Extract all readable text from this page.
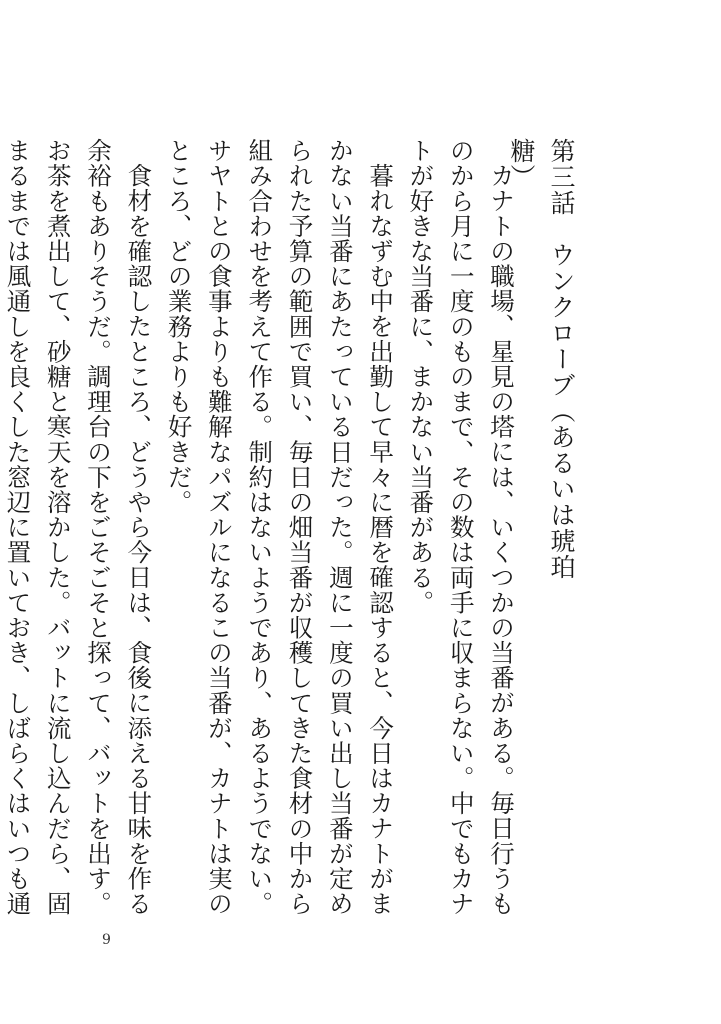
第三話　ウンクローブ（あるいは琥珀糖）

カナトの職場、星見の塔には、いくつかの当番がある。毎日行うものから月に一度のものまで、その数は両手に収まらない。中でもカナトが好きな当番に、まかない当番がある。

暮れなずむ中を出勤して早々に暦を確認すると、今日はカナトがまかない当番にあたっている日だった。週に一度の買い出し当番が定められた予算の範囲で買い、毎日の畑当番が収穫してきた食材の中から組み合わせを考えて作る。制約はないようであり、あるようでない。サヤトとの食事よりも難解なパズルになるこの当番が、カナトは実のところ、どの業務よりも好きだ。

食材を確認したところ、どうやら今日は、食後に添える甘味を作る余裕もありそうだ。調理台の下をごそごそと探って、バットを出す。お茶を煮出して、砂糖と寒天を溶かした。バットに流し込んだら、固まるまでは風通しを良くした窓辺に置いておき、しばらくはいつも通

9
